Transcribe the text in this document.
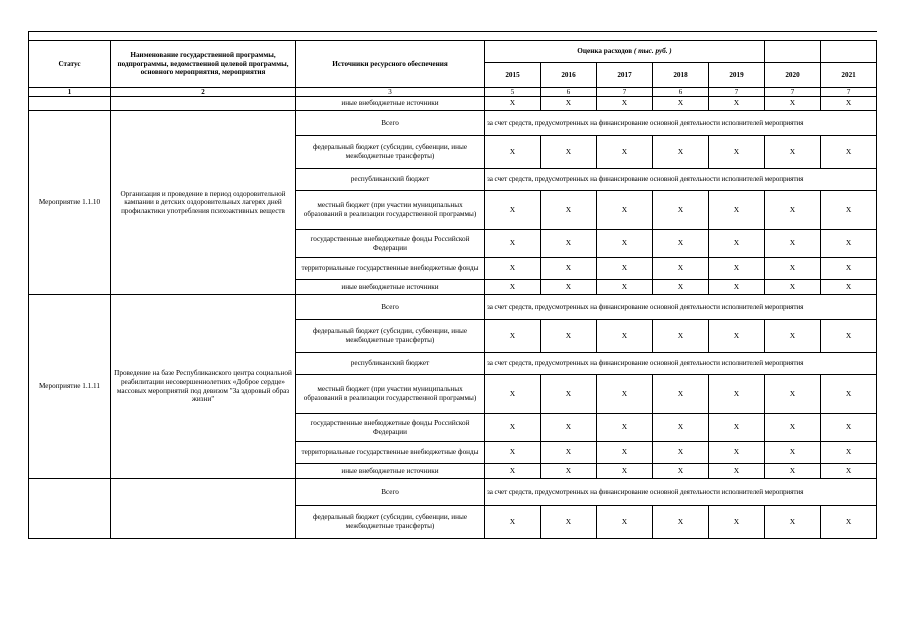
Статус	Наименование государственной программы, подпрограммы, ведомственной целевой программы, основного мероприятия, мероприятия	Источники ресурсного обеспечения	Оценка расходов ( тыс. руб. )						
			2015	2016	2017	2018	2019	2020	2021
1	2	3	5	6	7	6	7	7	7
		иные внебюджетные источники	X	X	X	X	X	X	X
Мероприятие 1.1.10	Организация и проведение в период оздоровительной кампании в детских оздоровительных лагерях дней профилактики употребления психоактивных веществ	Всего	за счет средств, предусмотренных на финансирование основной деятельности исполнителей мероприятия						
		федеральный бюджет (субсидии, субвенции, иные межбюджетные трансферты)	X	X	X	X	X	X	X
		республиканский бюджет	за счет средств, предусмотренных на финансирование основной деятельности исполнителей мероприятия						
		местный бюджет (при участии муниципальных образований в реализации государственной программы)	X	X	X	X	X	X	X
		государственные внебюджетные фонды Российской Федерации	X	X	X	X	X	X	X
		территориальные государственные внебюджетные фонды	X	X	X	X	X	X	X
		иные внебюджетные источники	X	X	X	X	X	X	X
Мероприятие 1.1.11	Проведение на базе Республиканского центра социальной реабилитации несовершеннолетних «Доброе сердце» массовых мероприятий под девизом "За здоровый образ жизни"	Всего	за счет средств, предусмотренных на финансирование основной деятельности исполнителей мероприятия						
		федеральный бюджет (субсидии, субвенции, иные межбюджетные трансферты)	X	X	X	X	X	X	X
		республиканский бюджет	за счет средств, предусмотренных на финансирование основной деятельности исполнителей мероприятия						
		местный бюджет (при участии муниципальных образований в реализации государственной программы)	X	X	X	X	X	X	X
		государственные внебюджетные фонды Российской Федерации	X	X	X	X	X	X	X
		территориальные государственные внебюджетные фонды	X	X	X	X	X	X	X
		иные внебюджетные источники	X	X	X	X	X	X	X
		Всего	за счет средств, предусмотренных на финансирование основной деятельности исполнителей мероприятия						
		федеральный бюджет (субсидии, субвенции, иные межбюджетные трансферты)	X	X	X	X	X	X	X
